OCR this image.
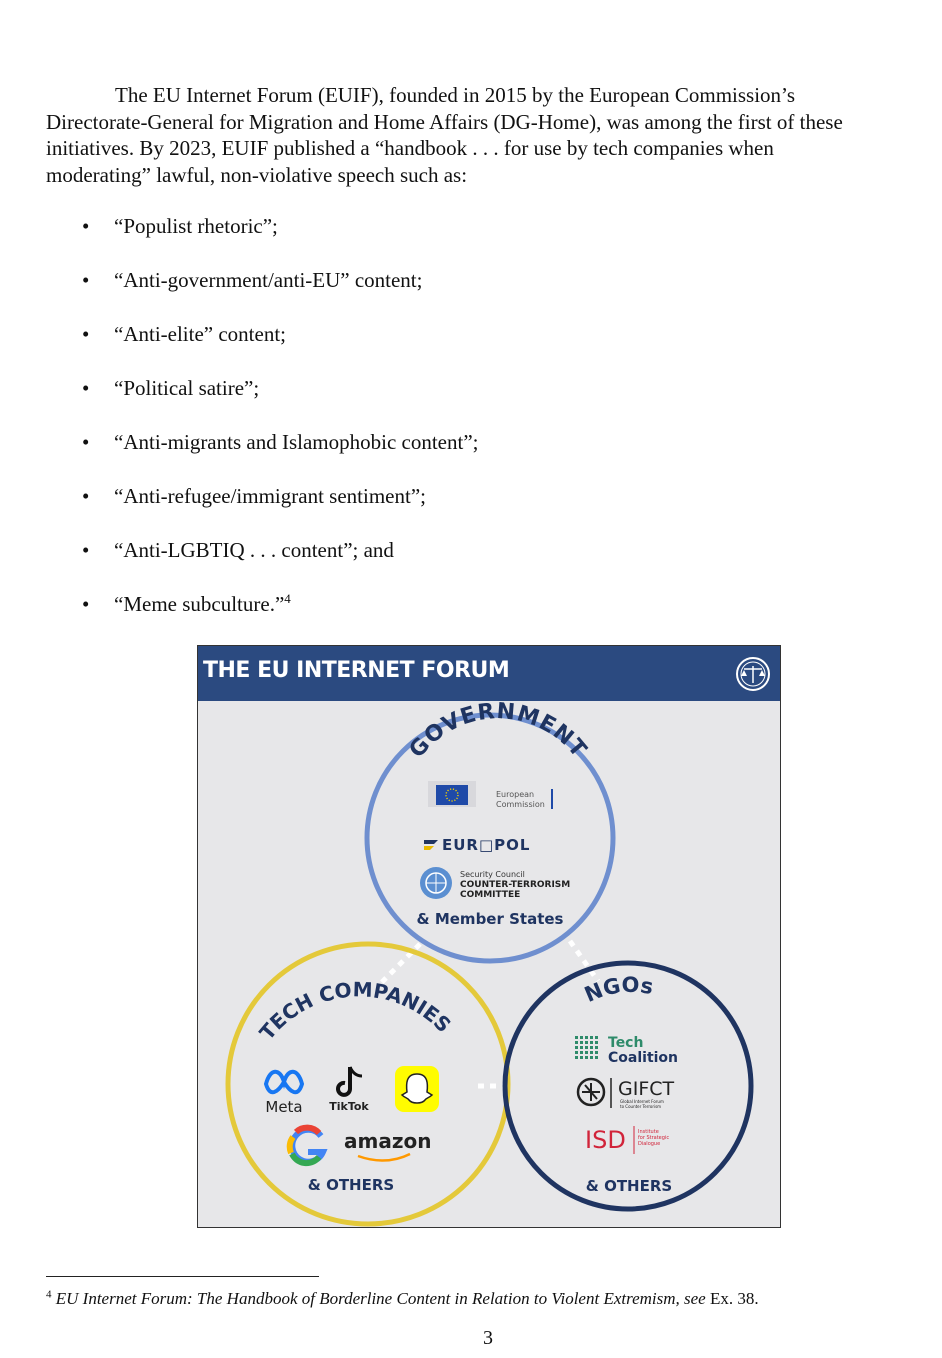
The EU Internet Forum (EUIF), founded in 2015 by the European Commission’s
Directorate-General for Migration and Home Affairs (DG-Home), was among the first of these
initiatives. By 2023, EUIF published a “handbook . . . for use by tech companies when
moderating” lawful, non-violative speech such as:
•	“Populist rhetoric”;
•	“Anti-government/anti-EU” content;
•	“Anti-elite” content;
•	“Political satire”;
•	“Anti-migrants and Islamophobic content”;
•	“Anti-refugee/immigrant sentiment”;
•	“Anti-LGBTIQ . . . content”; and
•	“Meme subculture.”$^4$
THE EU INTERNET FORUM
GOVERNMENT
European
Commission
EUR□POL
Security Council
COUNTER-TERRORISM
COMMITTEE
& Member States
TECH COMPANIES
Meta TikTok
amazon
& OTHERS
NGOs
Tech
Coalition
GIFCT
Global Internet Forum
to Counter Terrorism
ISD Institute
for Strategic
Dialogue
& OTHERS
$^4$ EU Internet Forum: The Handbook of Borderline Content in Relation to Violent Extremism, see Ex. 38.
3
